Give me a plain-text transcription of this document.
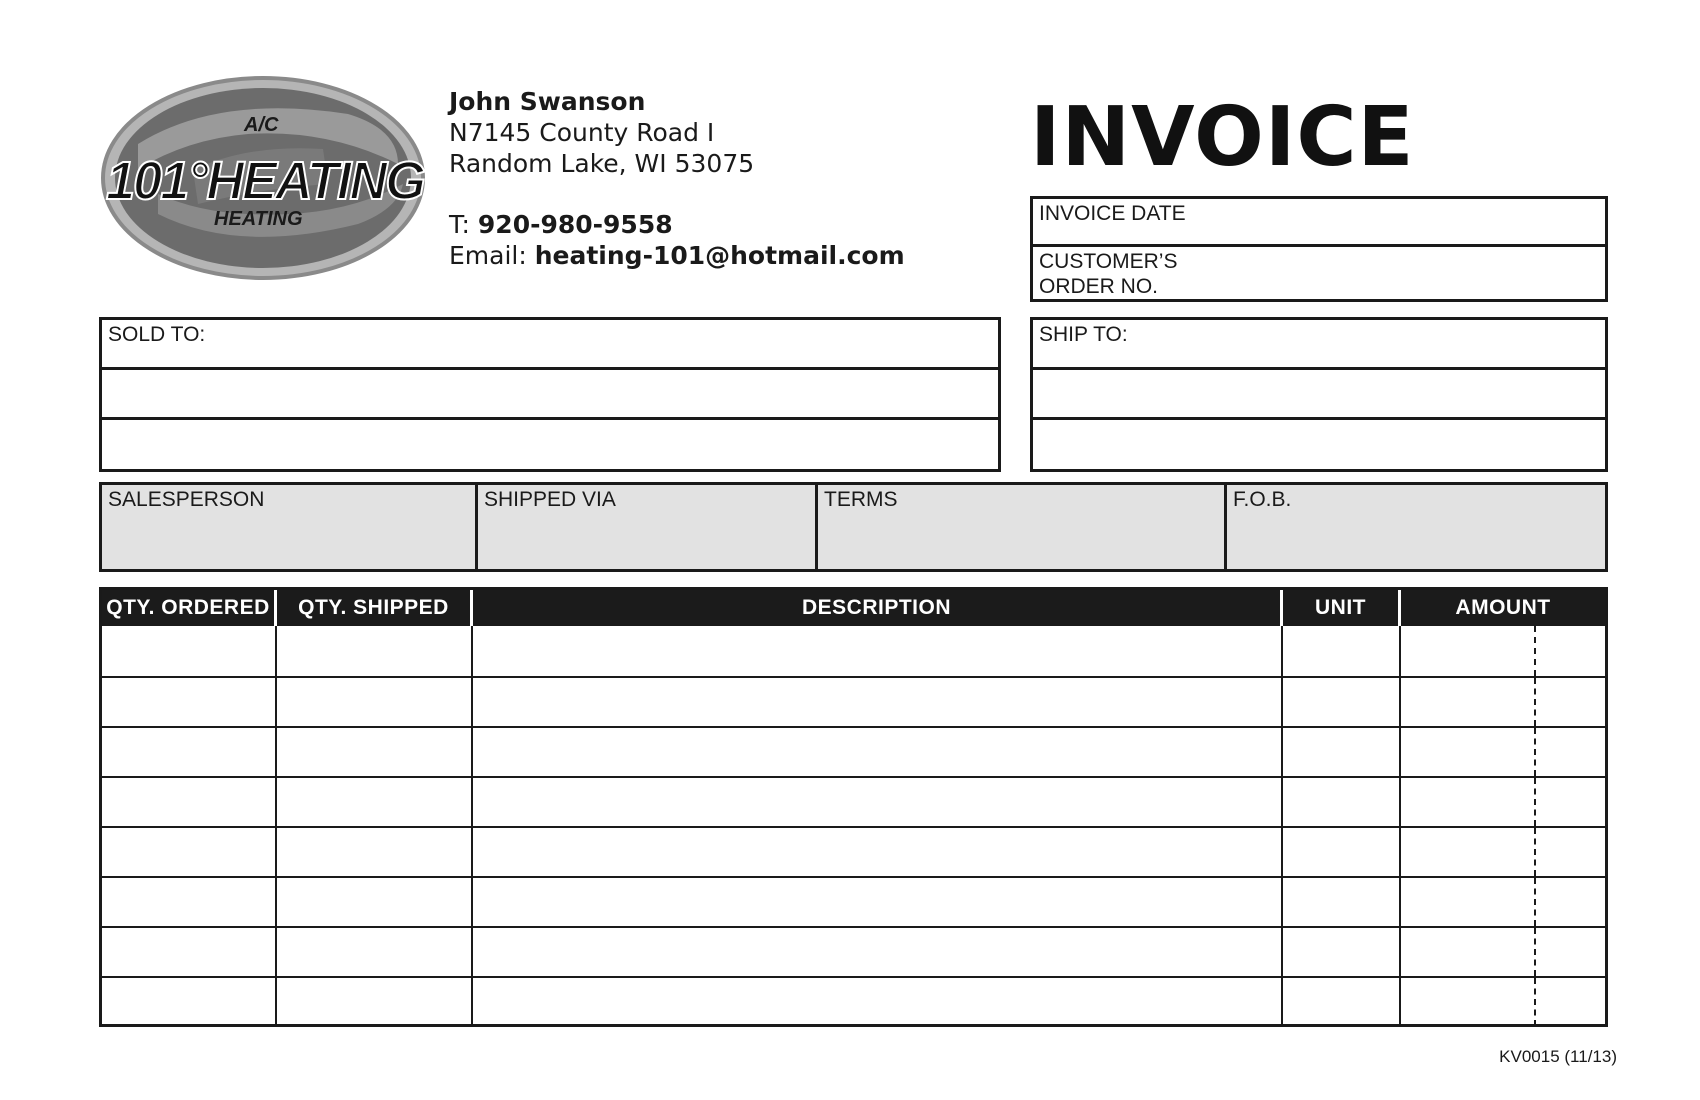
A/C
101°HEATING
HEATING
John Swanson
N7145 County Road I
Random Lake, WI 53075
T: 920-980-9558
Email: heating-101@hotmail.com
INVOICE
INVOICE DATE
CUSTOMER’S
ORDER NO.
SOLD TO:	SHIP TO:
SALESPERSON	SHIPPED VIA	TERMS	F.O.B.
QTY. ORDERED	QTY. SHIPPED	DESCRIPTION	UNIT	AMOUNT
KV0015 (11/13)
